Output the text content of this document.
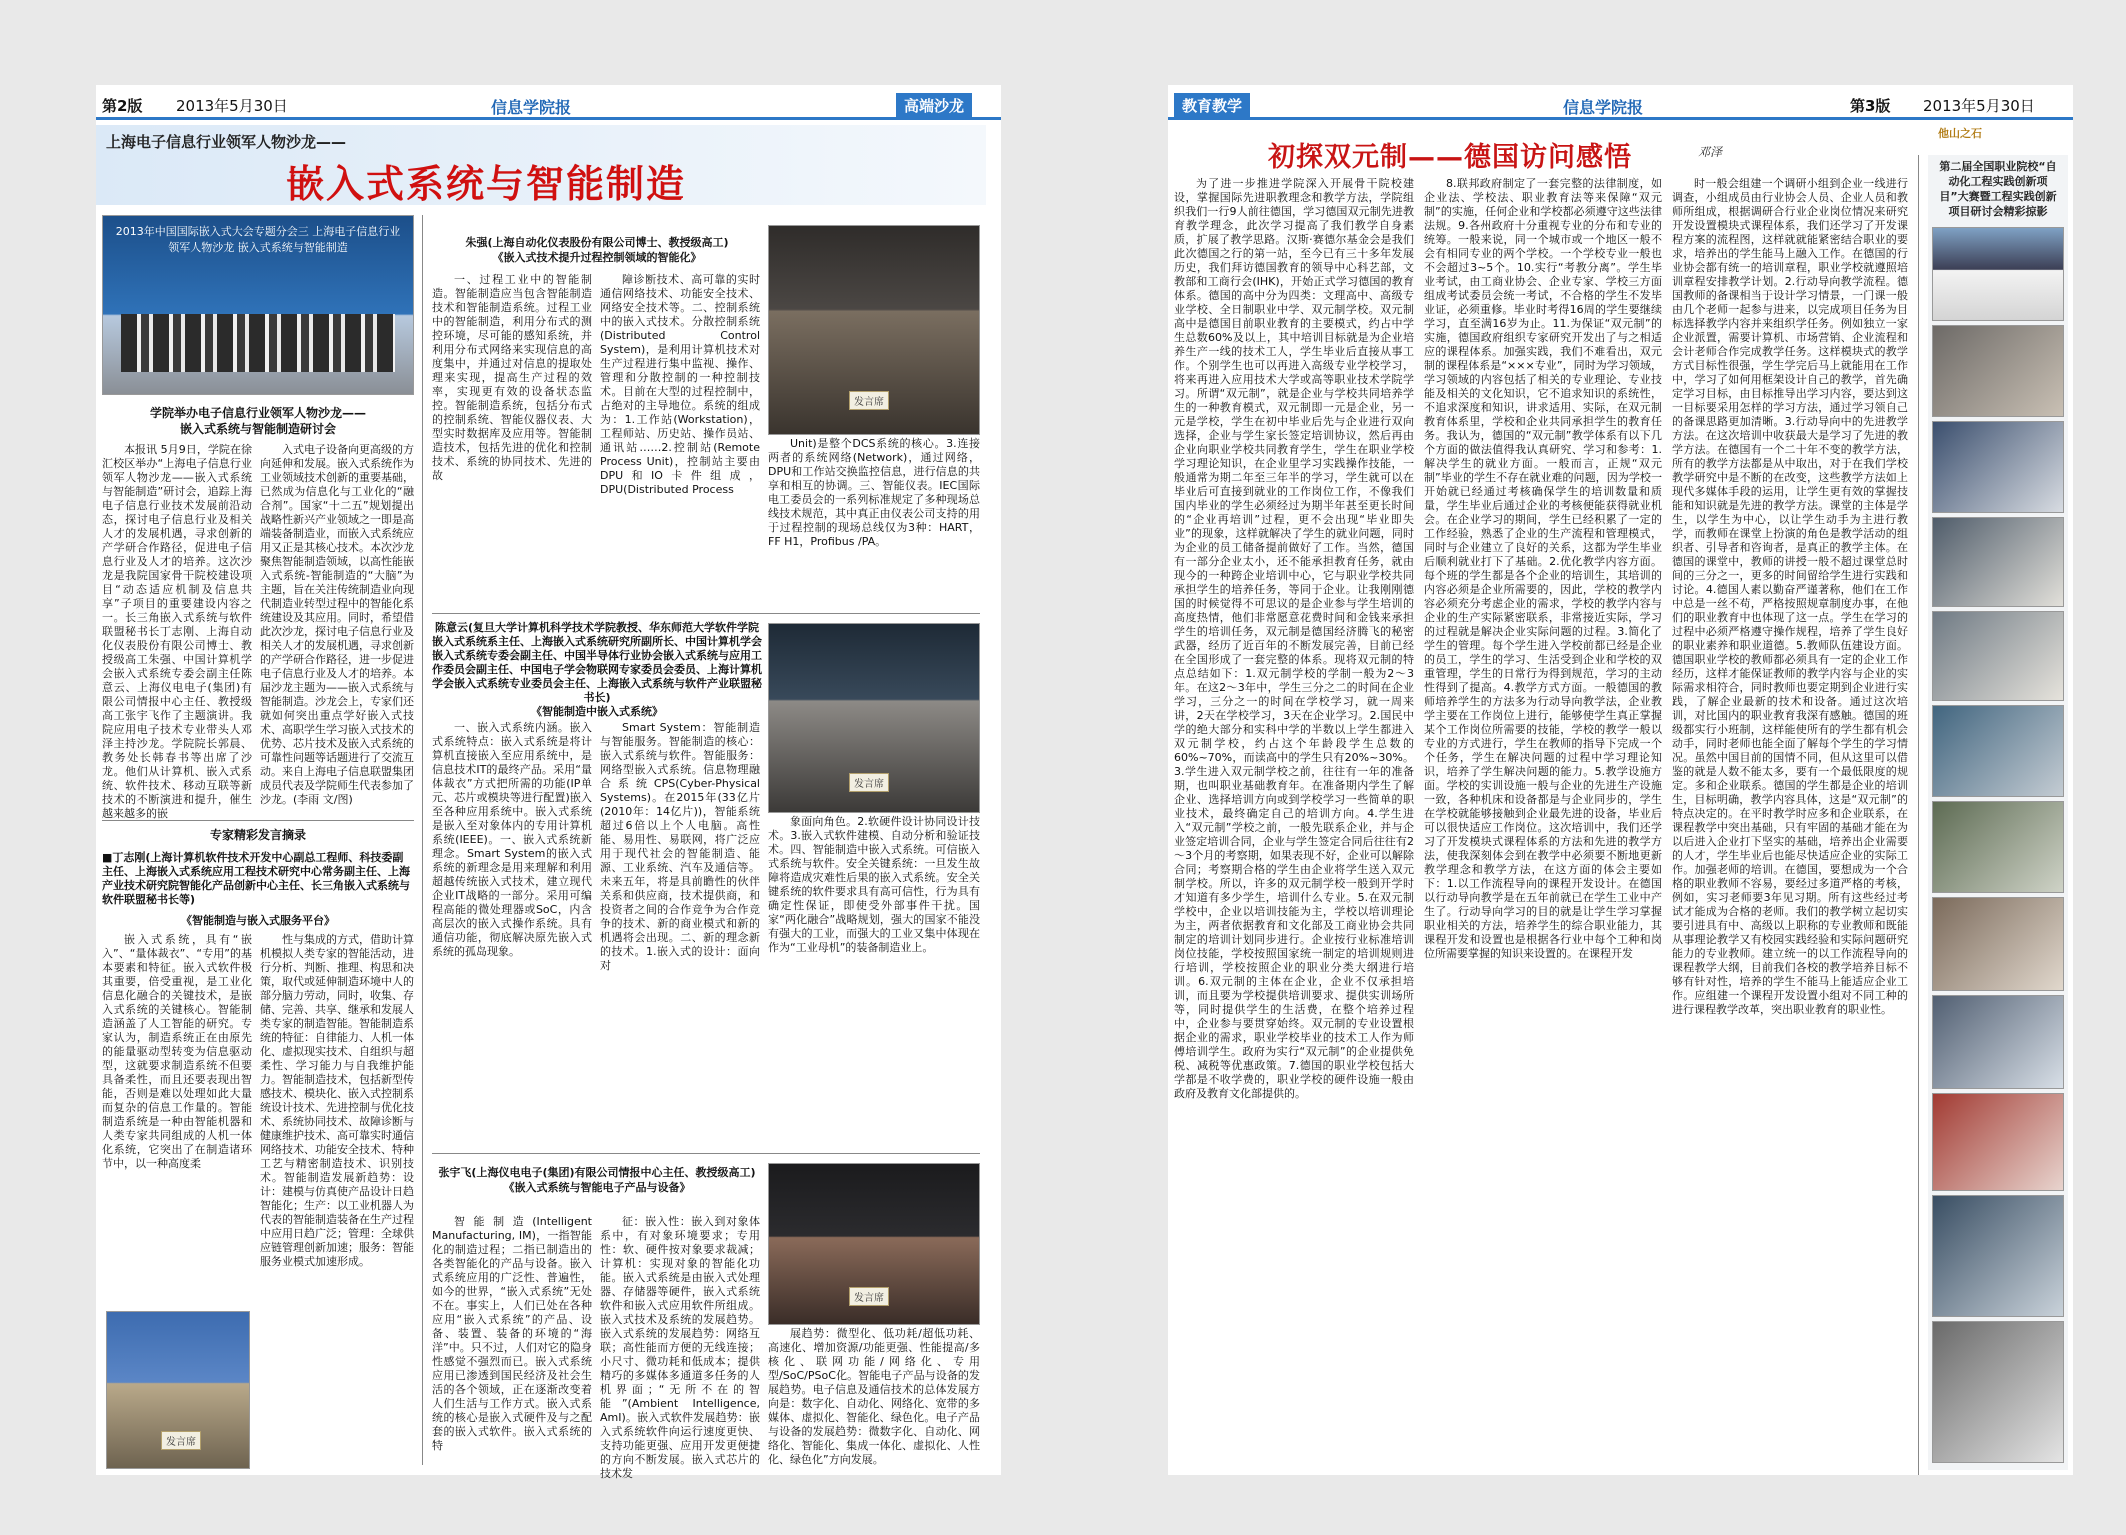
第2版 2013年5月30日	信息学院报	高端沙龙
上海电子信息行业领军人物沙龙——
嵌入式系统与智能制造
2013年中国国际嵌入式大会专题分会三 上海电子信息行业领军人物沙龙 嵌入式系统与智能制造
学院举办电子信息行业领军人物沙龙——
嵌入式系统与智能制造研讨会

本报讯 5月9日，学院在徐汇校区举办“上海电子信息行业领军人物沙龙——嵌入式系统与智能制造”研讨会，追踪上海电子信息行业技术发展前沿动态，探讨电子信息行业及相关人才的发展机遇，寻求创新的产学研合作路径，促进电子信息行业及人才的培养。这次沙龙是我院国家骨干院校建设项目“动态适应机制及信息共享”子项目的重要建设内容之一。长三角嵌入式系统与软件联盟秘书长丁志刚、上海自动化仪表股份有限公司博士、教授级高工朱强、中国计算机学会嵌入式系统专委会副主任陈意云、上海仪电电子(集团)有限公司情报中心主任、教授级高工张宇飞作了主题演讲。我院应用电子技术专业带头人邓泽主持沙龙。学院院长郭晨、教务处长韩春书等出席了沙龙。他们从计算机、嵌入式系统、软件技术、移动互联等新技术的不断演进和提升，催生越来越多的嵌

入式电子设备向更高级的方向延伸和发展。嵌入式系统作为工业领域技术创新的重要基础，已然成为信息化与工业化的“融合剂”。国家“十二五”规划提出战略性新兴产业领域之一即是高端装备制造业，而嵌入式系统应用又正是其核心技术。本次沙龙聚焦智能制造领域，以高性能嵌入式系统-智能制造的“大脑”为主题，旨在关注传统制造业向现代制造业转型过程中的智能化系统建设及其应用。同时，希望借此次沙龙，探讨电子信息行业及相关人才的发展机遇，寻求创新的产学研合作路径，进一步促进电子信息行业及人才的培养。本届沙龙主题为——嵌入式系统与智能制造。沙龙会上，专家们还就如何突出重点学好嵌入式技术、高职学生学习嵌入式技术的优势、芯片技术及嵌入式系统的可靠性问题等话题进行了交流互动。来自上海电子信息联盟集团成员代表及学院师生代表参加了沙龙。(李雨 文/图)

专家精彩发言摘录
■丁志刚(上海计算机软件技术开发中心副总工程师、科技委副主任、上海嵌入式系统应用工程技术研究中心常务副主任、上海产业技术研究院智能化产品创新中心主任、长三角嵌入式系统与软件联盟秘书长等)
《智能制造与嵌入式服务平台》

嵌入式系统，具有“嵌入”、“量体裁衣”、“专用”的基本要素和特征。嵌入式软件极其重要，倍受重视，是工业化信息化融合的关键技术，是嵌入式系统的关键核心。智能制造涵盖了人工智能的研究。专家认为，制造系统正在由原先的能量驱动型转变为信息驱动型，这就要求制造系统不但要具备柔性，而且还要表现出智能，否则是难以处理如此大量而复杂的信息工作量的。智能制造系统是一种由智能机器和人类专家共同组成的人机一体化系统，它突出了在制造诸环节中，以一种高度柔

性与集成的方式，借助计算机模拟人类专家的智能活动，进行分析、判断、推理、构思和决策，取代或延伸制造环境中人的部分脑力劳动，同时，收集、存储、完善、共享、继承和发展人类专家的制造智能。智能制造系统的特征：自律能力、人机一体化、虚拟现实技术、自组织与超柔性、学习能力与自我维护能力。智能制造技术，包括新型传感技术、模块化、嵌入式控制系统设计技术、先进控制与优化技术、系统协同技术、故障诊断与健康维护技术、高可靠实时通信网络技术、功能安全技术、特种工艺与精密制造技术、识别技术。智能制造发展新趋势：设计：建模与仿真使产品设计日趋智能化；生产：以工业机器人为代表的智能制造装备在生产过程中应用日趋广泛；管理：全球供应链管理创新加速；服务：智能服务业模式加速形成。

发言席
朱强(上海自动化仪表股份有限公司博士、教授级高工)
《嵌入式技术提升过程控制领域的智能化》

一、过程工业中的智能制造。智能制造应当包含智能制造技术和智能制造系统。过程工业中的智能制造，利用分布式的测控环境，尽可能的感知系统，并利用分布式网络来实现信息的高度集中，并通过对信息的提取处理来实现，提高生产过程的效率，实现更有效的设备状态监控。智能制造系统，包括分布式的控制系统、智能仪器仪表、大型实时数据库及应用等。智能制造技术，包括先进的优化和控制技术、系统的协同技术、先进的故

障诊断技术、高可靠的实时通信网络技术、功能安全技术、网络安全技术等。二、控制系统中的嵌入式技术。分散控制系统(Distributed Control System)，是利用计算机技术对生产过程进行集中监视、操作、管理和分散控制的一种控制技术。目前在大型的过程控制中，占绝对的主导地位。系统的组成为：1.工作站(Workstation)，工程师站、历史站、操作员站、通讯站……2.控制站(Remote Process Unit)，控制站主要由DPU和IO卡件组成，DPU(Distributed Process

发言席

Unit)是整个DCS系统的核心。3.连接两者的系统网络(Network)，通过网络，DPU和工作站交换监控信息，进行信息的共享和相互的协调。三、智能仪表。IEC国际电工委员会的一系列标准规定了多种现场总线技术规范，其中真正由仪表公司支持的用于过程控制的现场总线仅为3种：HART，FF H1，Profibus /PA。

陈意云(复旦大学计算机科学技术学院教授、华东师范大学软件学院嵌入式系统系主任、上海嵌入式系统研究所副所长、中国计算机学会嵌入式系统专委会副主任、中国半导体行业协会嵌入式系统与应用工作委员会副主任、中国电子学会物联网专家委员会委员、上海计算机学会嵌入式系统专业委员会主任、上海嵌入式系统与软件产业联盟秘书长)
《智能制造中嵌入式系统》

一、嵌入式系统内涵。嵌入式系统特点：嵌入式系统是将计算机直接嵌入至应用系统中，是信息技术IT的最终产品。采用“量体裁衣”方式把所需的功能(IP单元、芯片或模块等进行配置)嵌入至各种应用系统中。嵌入式系统是嵌入至对象体内的专用计算机系统(IEEE)。一、嵌入式系统新理念。Smart System的嵌入式系统的新理念是用来理解和利用超越传统嵌入式技术，建立现代企业IT战略的一部分。采用可编程高能的微处理器或SoC，内含高层次的嵌入式操作系统。具有通信功能，彻底解决原先嵌入式系统的孤岛现象。

Smart System：智能制造与智能服务。智能制造的核心：嵌入式系统与软件。智能服务：网络型嵌入式系统。信息物理融合系统CPS(Cyber-Physical Systems)。在2015年(33亿片(2010年：14亿片))，智能系统超过6倍以上个人电脑。高性能、易用性、易联网，将广泛应用于现代社会的智能制造、能源、工业系统、汽车及通信等。未来五年，将是具前瞻性的伙伴关系和供应商，技术提供商，和投资者之间的合作竞争为合作竞争的技术、新的商业模式和新的机遇将会出现。二、新的理念新的技术。1.嵌入式的设计：面向对

发言席

象面向角色。2.软硬件设计协同设计技术。3.嵌入式软件建模、自动分析和验证技术。四、智能制造中嵌入式系统。可信嵌入式系统与软件。安全关键系统：一旦发生故障将造成灾难性后果的嵌入式系统。安全关键系统的软件要求具有高可信性，行为具有确定性保证，即使受外部事件干扰。国家“两化融合”战略规划，强大的国家不能没有强大的工业，而强大的工业又集中体现在作为“工业母机”的装备制造业上。

张宇飞(上海仪电电子(集团)有限公司情报中心主任、教授级高工)
《嵌入式系统与智能电子产品与设备》

智能制造(Intelligent Manufacturing, IM)，一指智能化的制造过程；二指已制造出的各类智能化的产品与设备。嵌入式系统应用的广泛性、普遍性，如今的世界，“嵌入式系统”无处不在。事实上，人们已处在各种应用“嵌入式系统”的产品、设备、装置、装备的环境的“海洋”中。只不过，人们对它的隐身性感觉不强烈而已。嵌入式系统应用已渗透到国民经济及社会生活的各个领域，正在逐渐改变着人们生活与工作方式。嵌入式系统的核心是嵌入式硬件及与之配套的嵌入式软件。嵌入式系统的特

征：嵌入性：嵌入到对象体系中，有对象环境要求；专用性：软、硬件按对象要求裁减；计算机：实现对象的智能化功能。嵌入式系统是由嵌入式处理器、存储器等硬件，嵌入式系统软件和嵌入式应用软件所组成。嵌入式技术及系统的发展趋势。嵌入式系统的发展趋势：网络互联；高性能而方便的无线连接；小尺寸、微功耗和低成本；提供精巧的多媒体多通道多任务的人机界面；“无所不在的智能”(Ambient Intelligence, AmI)。嵌入式软件发展趋势：嵌入式系统软件向运行速度更快、支持功能更强、应用开发更便捷的方向不断发展。嵌入式芯片的技术发

发言席

展趋势：微型化、低功耗/超低功耗、高速化、增加资源/功能更强、性能提高/多核化、联网功能/网络化、专用型/SoC/PSoC化。智能电子产品与设备的发展趋势。电子信息及通信技术的总体发展方向是：数字化、自动化、网络化、宽带的多媒体、虚拟化、智能化、绿色化。电子产品与设备的发展趋势：微数字化、自动化、网络化、智能化、集成一体化、虚拟化、人性化、绿色化”方向发展。

教育教学	信息学院报	第3版 2013年5月30日
他山之石
初探双元制——德国访问感悟	邓泽

为了进一步推进学院深入开展骨干院校建设，掌握国际先进职教理念和教学方法，学院组织我们一行9人前往德国，学习德国双元制先进教育教学理念，此次学习提高了我们教学自身素质，扩展了教学思路。汉斯·赛德尔基金会是我们此次德国之行的第一站，至今已有三十多年发展历史，我们拜访德国教育的领导中心科艺部，文教部和工商行会(IHK)，开始正式学习德国的教育体系。德国的高中分为四类：文理高中、高级专业学校、全日制职业中学、双元制学校。双元制高中是德国目前职业教育的主要模式，约占中学生总数60%及以上，其中培训目标就是为企业培养生产一线的技术工人，学生毕业后直接从事工作。个别学生也可以再进入高级专业学校学习，将来再进入应用技术大学或高等职业技术学院学习。所谓“双元制”，就是企业与学校共同培养学生的一种教育模式，双元制即一元是企业，另一元是学校，学生在初中毕业后先与企业进行双向选择，企业与学生家长签定培训协议，然后再由企业向职业学校共同教育学生，学生在职业学校学习理论知识，在企业里学习实践操作技能，一般通常为期二年至三年半的学习，学生就可以在毕业后可直接到就业的工作岗位工作，不像我们国内毕业的学生必须经过为期半年甚至更长时间的“企业再培训”过程，更不会出现“毕业即失业”的现象，这样就解决了学生的就业问题，同时为企业的员工储备提前做好了工作。当然，德国有一部分企业太小，还不能承担教育任务，就由现今的一种跨企业培训中心，它与职业学校共同承担学生的培养任务，等同于企业。让我刚刚德国的时候觉得不可思议的是企业参与学生培训的高度热情，他们非常愿意花费时间和金钱来承担学生的培训任务，双元制是德国经济腾飞的秘密武器，经历了近百年的不断发展完善，目前已经在全国形成了一套完整的体系。现将双元制的特点总结如下：1.双元制学校的学制一般为2～3年。在这2～3年中，学生三分之二的时间在企业学习，三分之一的时间在学校学习，就一周来讲，2天在学校学习，3天在企业学习。2.国民中学的绝大部分和实科中学的半数以上学生都进入双元制学校，约占这个年龄段学生总数的60%~70%，而读高中的学生只有20%~30%。3.学生进入双元制学校之前，往往有一年的准备期，也叫职业基础教育年。在准备期内学生了解企业、选择培训方向或到学校学习一些简单的职业技术，最终确定自己的培训方向。4.学生进入“双元制”学校之前，一般先联系企业，并与企业签定培训合同，企业与学生签定合同后往往有2～3个月的考察期，如果表现不好，企业可以解除合同；考察期合格的学生由企业将学生送入双元制学校。所以，许多的双元制学校一般到开学时才知道有多少学生，培训什么专业。5.在双元制学校中，企业以培训技能为主，学校以培训理论为主，两者依据教育和文化部及工商业协会共同制定的培训计划同步进行。企业按行业标准培训岗位技能，学校按照国家统一制定的培训规则进行培训，学校按照企业的职业分类大纲进行培训。6.双元制的主体在企业，企业不仅承担培训，而且要为学校提供培训要求、提供实训场所等，同时提供学生的生活费，在整个培养过程中，企业参与要贯穿始终。双元制的专业设置根据企业的需求，职业学校毕业的技术工人作为师傅培训学生。政府为实行“双元制”的企业提供免税、减税等优惠政策。7.德国的职业学校包括大学都是不收学费的，职业学校的硬件设施一般由政府及教育文化部提供的。

8.联邦政府制定了一套完整的法律制度，如企业法、学校法、职业教育法等来保障“双元制”的实施，任何企业和学校都必须遵守这些法律法规。9.各州政府十分重视专业的分布和专业的统筹。一般来说，同一个城市或一个地区一般不会有相同专业的两个学校。一个学校专业一般也不会超过3~5个。10.实行“考教分离”。学生毕业考试，由工商业协会、企业专家、学校三方面组成考试委员会统一考试，不合格的学生不发毕业证，必须重修。毕业时考得16周的学生要继续学习，直至满16岁为止。11.为保证“双元制”的实施，德国政府组织专家研究开发出了与之相适应的课程体系。加强实践，我们不难看出，双元制的课程体系是“×××专业”，同时为学习领域，学习领域的内容包括了相关的专业理论、专业技能及相关的文化知识，它不追求知识的系统性，不追求深度和知识，讲求适用、实际，在双元制教育体系里，学校和企业共同承担学生的教育任务。我认为，德国的“双元制”教学体系有以下几个方面的做法值得我认真研究、学习和参考：1.解决学生的就业方面。一般而言，正规“双元制”毕业的学生不存在就业难的问题，因为学校一开始就已经通过考核确保学生的培训数量和质量，学生毕业后通过企业的考核便能获得就业机会。在企业学习的期间，学生已经积累了一定的工作经验，熟悉了企业的生产流程和管理模式，同时与企业建立了良好的关系，这都为学生毕业后顺利就业打下了基础。2.优化教学内容方面。每个班的学生都是各个企业的培训生，其培训的内容必须是企业所需要的，因此，学校的教学内容必须充分考虑企业的需求，学校的教学内容与企业的生产实际紧密联系，非常接近实际，学习的过程就是解决企业实际问题的过程。3.简化了学生的管理。每个学生进入学校前都已经是企业的员工，学生的学习、生活受到企业和学校的双重管理，学生的日常行为得到规范，学习的主动性得到了提高。4.教学方式方面。一般德国的教师培养学生的方法多为行动导向教学法，企业教学主要在工作岗位上进行，能够使学生真正掌握某个工作岗位所需要的技能，学校的教学一般以专业的方式进行，学生在教师的指导下完成一个个任务，学生在解决问题的过程中学习理论知识，培养了学生解决问题的能力。5.教学设施方面。学校的实训设施一般与企业的先进生产设施一致，各种机床和设备都是与企业同步的，学生在学校就能够接触到企业最先进的设备，毕业后可以很快适应工作岗位。这次培训中，我们还学习了开发模块式课程体系的方法和先进的教学方法，使我深刻体会到在教学中必须要不断地更新教学理念和教学方法，在这方面的体会主要如下：1.以工作流程导向的课程开发设计。在德国以行动导向教学是在五年前就已在学生工业中产生了。行动导向学习的目的就是让学生学习掌握职业相关的方法，培养学生的综合职业能力，其课程开发和设置也是根据各行业中每个工种和岗位所需要掌握的知识来设置的。在课程开发

时一般会组建一个调研小组到企业一线进行调查，小组成员由行业协会人员、企业人员和教师所组成，根据调研合行业企业岗位情况来研究开发设置模块式课程体系，我们还学习了开发课程方案的流程图，这样就就能紧密结合职业的要求，培养出的学生能马上融入工作。在德国的行业协会都有统一的培训章程，职业学校就遵照培训章程安排教学计划。2.行动导向教学流程。德国教师的备课相当于设计学习情景，一门课一般由几个老师一起参与进来，以完成项目任务为目标选择教学内容并来组织学任务。例如独立一家企业派置，需要计算机、市场营销、企业流程和会计老师合作完成教学任务。这样模块式的教学方式目标性很强，学生学完后马上就能用在工作中，学习了如何用框架设计自己的教学，首先确定学习目标，由目标推导出学习内容，要达到这一目标要采用怎样的学习方法，通过学习领自己的备课思路更加清晰。3.行动导向中的先进教学方法。在这次培训中收获最大是学习了先进的教学方法。在德国有一个二十年不变的教学方法，所有的教学方法都是从中取出，对于在我们学校教学研究中是不断的在改变，这些教学方法如上现代多媒体手段的运用，让学生更有效的掌握技能和知识就是先进的教学方法。课堂的主体是学生，以学生为中心，以让学生动手为主进行教学，而教师在课堂上扮演的角色是教学活动的组织者、引导者和咨询者，是真正的教学主体。在德国的课堂中，教师的讲授一般不超过课堂总时间的三分之一，更多的时间留给学生进行实践和讨论。4.德国人素以勤奋严谨著称，他们在工作中总是一丝不苟，严格按照规章制度办事，在他们的职业教育中也体现了这一点。学生在学习的过程中必须严格遵守操作规程，培养了学生良好的职业素养和职业道德。5.教师队伍建设方面。德国职业学校的教师都必须具有一定的企业工作经历，这样才能保证教师的教学内容与企业的实际需求相符合，同时教师也要定期到企业进行实践，了解企业最新的技术和设备。通过这次培训，对比国内的职业教育我深有感触。德国的班级都实行小班制，这样能使所有的学生都有机会动手，同时老师也能全面了解每个学生的学习情况。虽然中国目前的国情不同，但从这里可以借鉴的就是人数不能太多，要有一个最低限度的规定。多和企业联系。德国的学生都是企业的培训生，目标明确，教学内容具体，这是“双元制”的特点决定的。在平时教学时应多和企业联系，在课程教学中突出基础，只有牢固的基础才能在为以后进入企业打下坚实的基础，培养出企业需要的人才，学生毕业后也能尽快适应企业的实际工作。加强老师的培训。在德国，要想成为一个合格的职业教师不容易，要经过多道严格的考核，例如，实习老师要3年见习期。所有这些经过考试才能成为合格的老师。我们的教学树立起切实要引进具有中、高级以上职称的专业教师和既能从事理论教学又有校园实践经验和实际问题研究能力的专业教师。建立统一的以工作流程导向的课程教学大纲，目前我们各校的教学培养目标不够有针对性，培养的学生不能马上能适应企业工作。应组建一个课程开发设置小组对不同工种的进行课程教学改革，突出职业教育的职业性。

第二届全国职业院校“自动化工程实践创新项目”大赛暨工程实践创新项目研讨会精彩掠影
